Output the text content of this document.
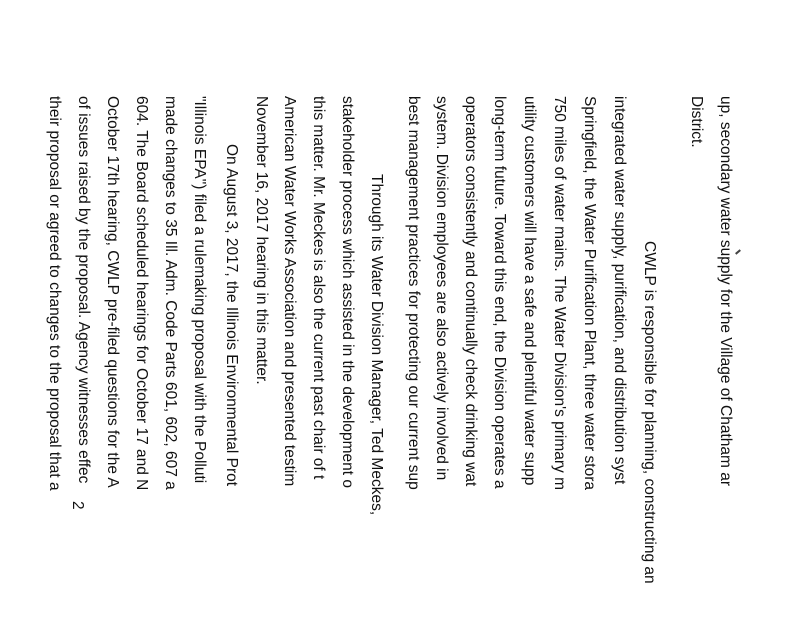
up, secondary water supply for the Village of Chatham ar
District.
CWLP is responsible for planning, constructing an
integrated water supply, purification, and distribution syst
Springfield, the Water Purification Plant, three water stora
750 miles of water mains. The Water Division's primary m
utility customers will have a safe and plentiful water supp
long-term future. Toward this end, the Division operates a
operators consistently and continually check drinking wat
system. Division employees are also actively involved in
best management practices for protecting our current sup
Through its Water Division Manager, Ted Meckes,
stakeholder process which assisted in the development o
this matter. Mr. Meckes is also the current past chair of t
American Water Works Association and presented testim
November 16, 2017 hearing in this matter.
On August 3, 2017, the Illinois Environmental Prot
"Illinois EPA") filed a rulemaking proposal with the Polluti
made changes to 35 Ill. Adm. Code Parts 601, 602, 607 a
604. The Board scheduled hearings for October 17 and N
October 17th hearing, CWLP pre-filed questions for the A
of issues raised by the proposal. Agency witnesses effec
their proposal or agreed to changes to the proposal that a
2
